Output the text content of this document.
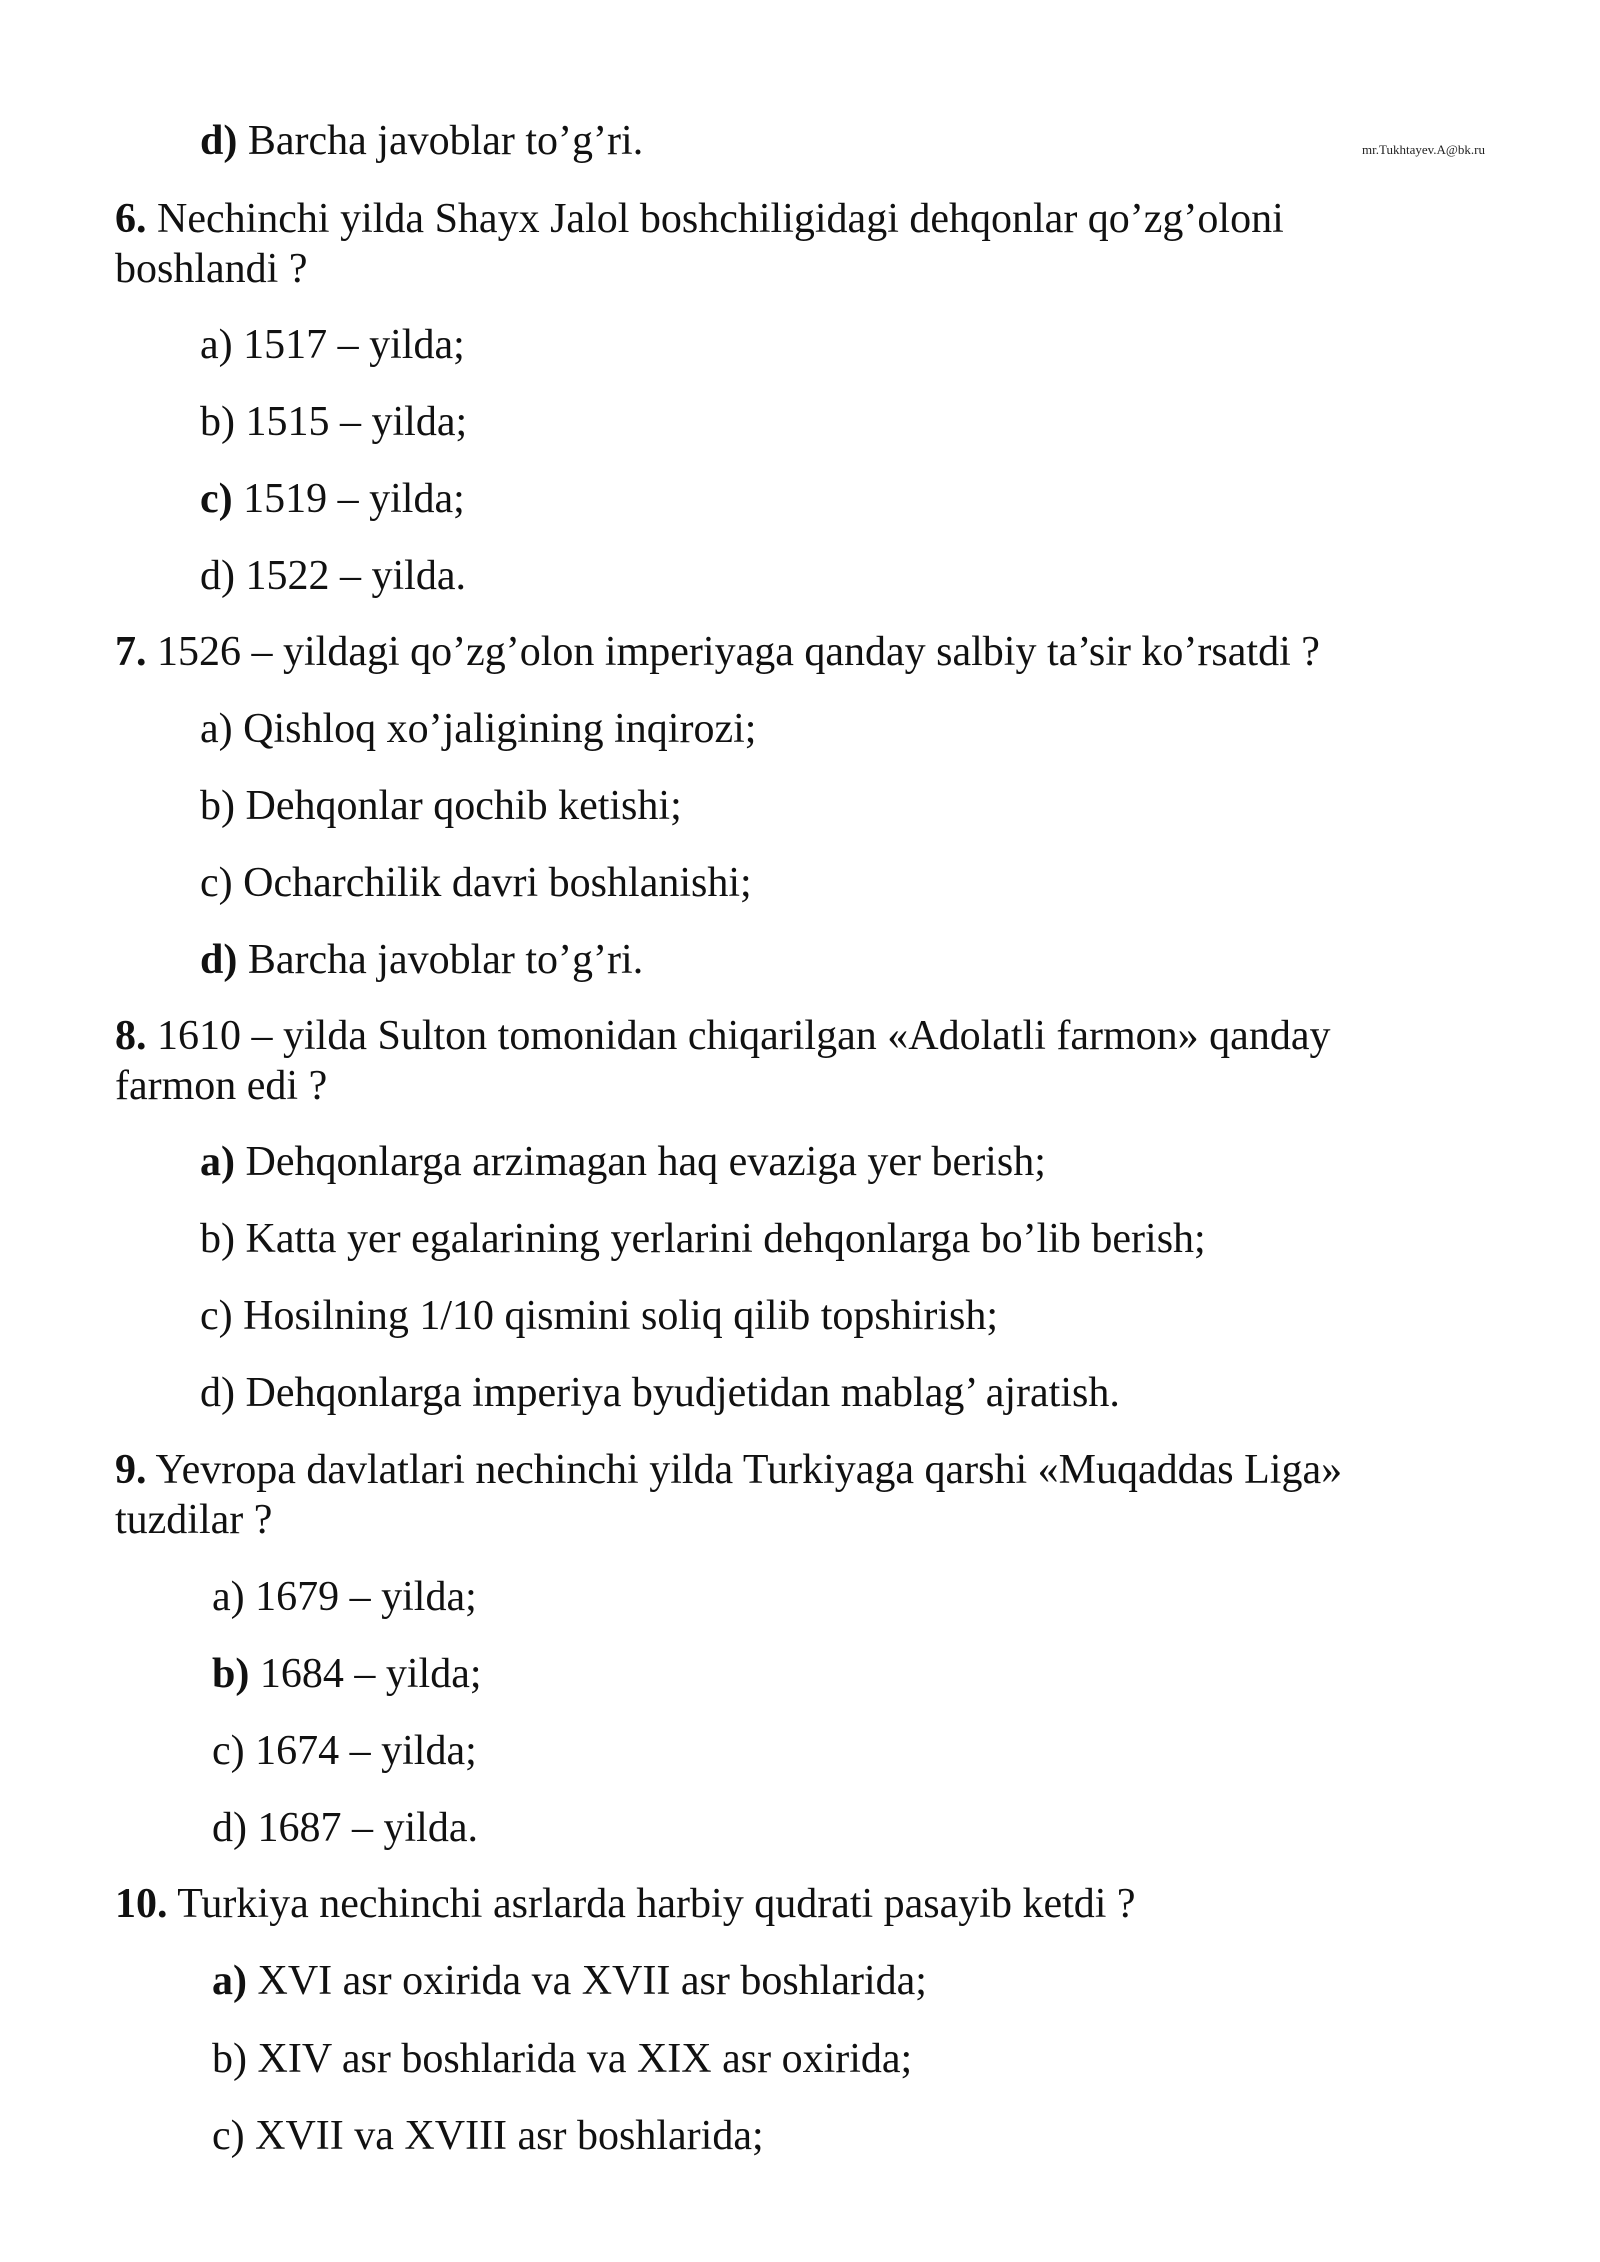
mr.Tukhtayev.A@bk.ru
d) Barcha javoblar to’g’ri.
6. Nechinchi yilda Shayx Jalol boshchiligidagi dehqonlar qo’zg’oloni boshlandi ?
a) 1517 – yilda;
b) 1515 – yilda;
c) 1519 – yilda;
d) 1522 – yilda.
7. 1526 – yildagi qo’zg’olon imperiyaga qanday salbiy ta’sir ko’rsatdi ?
a) Qishloq xo’jaligining inqirozi;
b) Dehqonlar qochib ketishi;
c) Ocharchilik davri boshlanishi;
d) Barcha javoblar to’g’ri.
8. 1610 – yilda Sulton tomonidan chiqarilgan «Adolatli farmon» qanday farmon edi ?
a) Dehqonlarga arzimagan haq evaziga yer berish;
b) Katta yer egalarining yerlarini dehqonlarga bo’lib berish;
c) Hosilning 1/10 qismini soliq qilib topshirish;
d) Dehqonlarga imperiya byudjetidan mablag’ ajratish.
9. Yevropa davlatlari nechinchi yilda Turkiyaga qarshi «Muqaddas Liga» tuzdilar ?
a) 1679 – yilda;
b) 1684 – yilda;
c) 1674 – yilda;
d) 1687 – yilda.
10. Turkiya nechinchi asrlarda harbiy qudrati pasayib ketdi ?
a) XVI asr oxirida va XVII asr boshlarida;
b) XIV asr boshlarida va XIX asr oxirida;
c) XVII va XVIII asr boshlarida;
